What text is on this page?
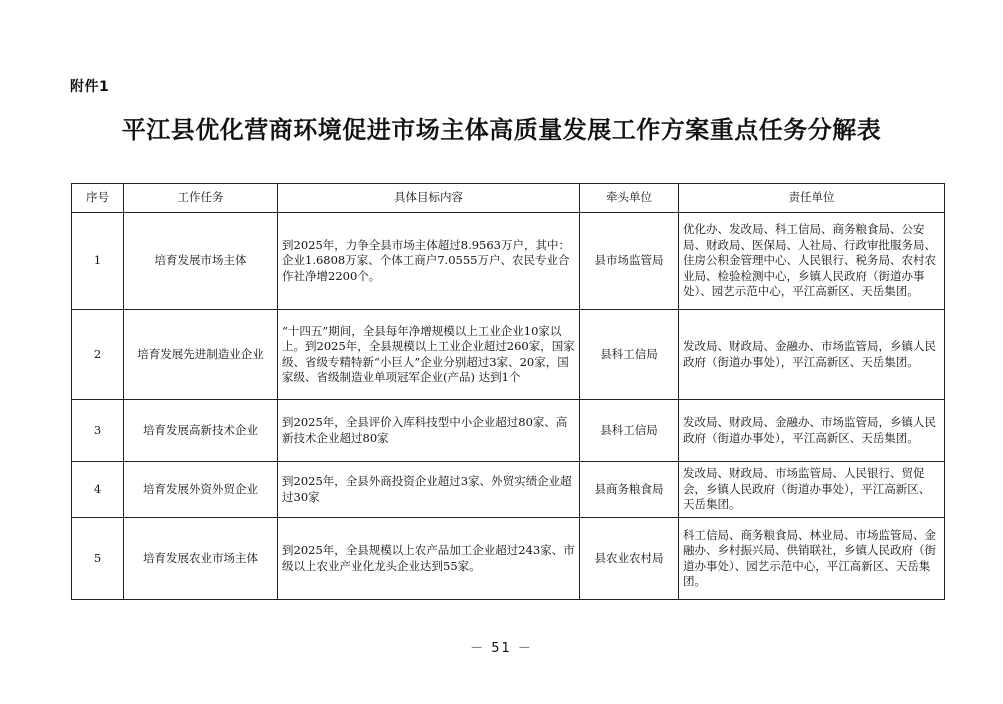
附件1
平江县优化营商环境促进市场主体高质量发展工作方案重点任务分解表
序号	工作任务	具体目标内容	牵头单位	责任单位
1	培育发展市场主体	到2025年，力争全县市场主体超过8.9563万户，其中：企业1.6808万家、个体工商户7.0555万户、农民专业合作社净增2200个。	县市场监管局	优化办、发改局、科工信局、商务粮食局、公安局、财政局、医保局、人社局、行政审批服务局、住房公积金管理中心、人民银行、税务局、农村农业局、检验检测中心，乡镇人民政府（街道办事处）、园艺示范中心，平江高新区、天岳集团。
2	培育发展先进制造业企业	“十四五”期间，全县每年净增规模以上工业企业10家以上。到2025年，全县规模以上工业企业超过260家，国家级、省级专精特新“小巨人”企业分别超过3家、20家，国家级、省级制造业单项冠军企业(产品) 达到1个	县科工信局	发改局、财政局、金融办、市场监管局，乡镇人民政府（街道办事处），平江高新区、天岳集团。
3	培育发展高新技术企业	到2025年，全县评价入库科技型中小企业超过80家、高新技术企业超过80家	县科工信局	发改局、财政局、金融办、市场监管局，乡镇人民政府（街道办事处），平江高新区、天岳集团。
4	培育发展外资外贸企业	到2025年，全县外商投资企业超过3家、外贸实绩企业超过30家	县商务粮食局	发改局、财政局、市场监管局、人民银行、贸促会，乡镇人民政府（街道办事处），平江高新区、天岳集团。
5	培育发展农业市场主体	到2025年，全县规模以上农产品加工企业超过243家、市级以上农业产业化龙头企业达到55家。	县农业农村局	科工信局、商务粮食局、林业局、市场监管局、金融办、乡村振兴局、供销联社，乡镇人民政府（街道办事处）、园艺示范中心，平江高新区、天岳集团。
－ 51 －
